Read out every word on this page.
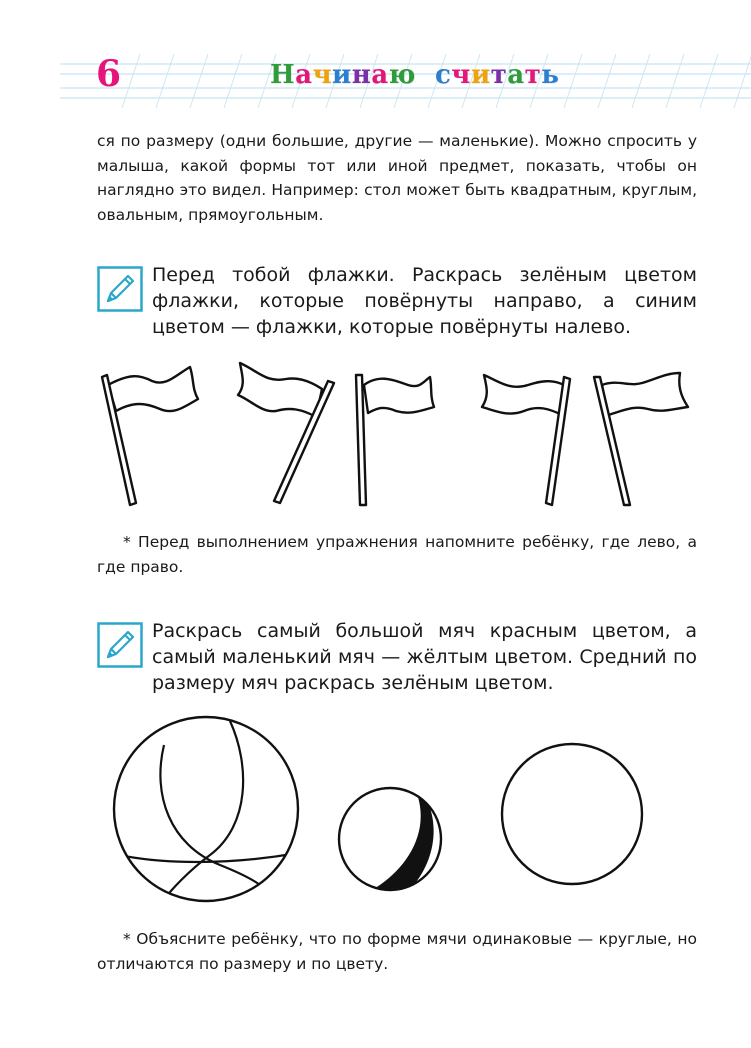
6	Начинаю считать
ся по размеру (одни большие, другие — маленькие). Можно спросить у малыша, какой формы тот или иной предмет, показать, чтобы он наглядно это видел. Например: стол может быть квадратным, круглым, овальным, прямоугольным.
Перед тобой флажки. Раскрась зелёным цветом флажки, которые повёрнуты направо, а синим цветом — флажки, которые повёрнуты налево.
* Перед выполнением упражнения напомните ребёнку, где лево, а где право.
Раскрась самый большой мяч красным цветом, а самый маленький мяч — жёлтым цветом. Средний по размеру мяч раскрась зелёным цветом.
* Объясните ребёнку, что по форме мячи одинаковые — круглые, но отличаются по размеру и по цвету.
